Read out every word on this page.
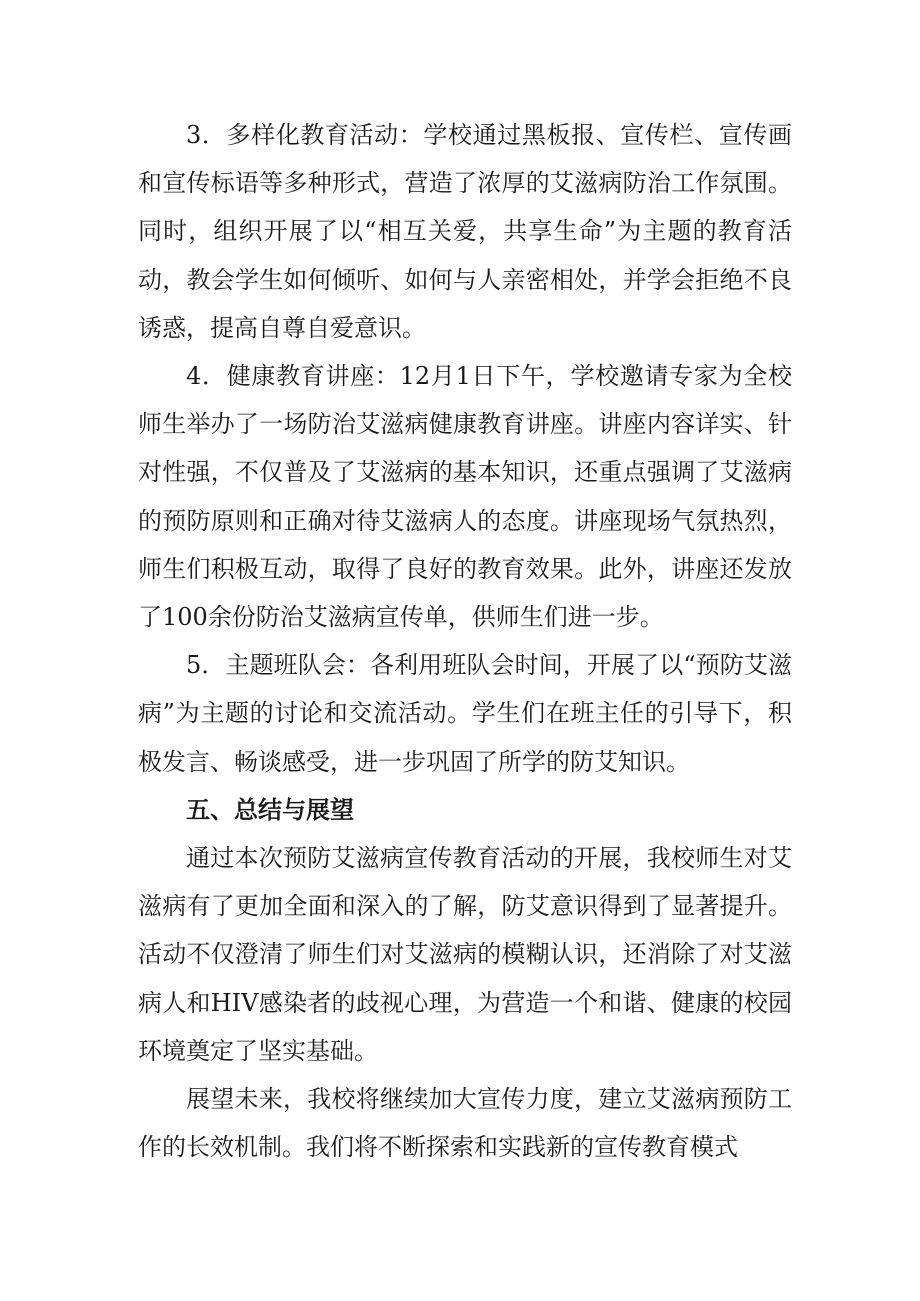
3．多样化教育活动：学校通过黑板报、宣传栏、宣传画和宣传标语等多种形式，营造了浓厚的艾滋病防治工作氛围。同时，组织开展了以“相互关爱，共享生命”为主题的教育活动，教会学生如何倾听、如何与人亲密相处，并学会拒绝不良诱惑，提高自尊自爱意识。

4．健康教育讲座：12月1日下午，学校邀请专家为全校师生举办了一场防治艾滋病健康教育讲座。讲座内容详实、针对性强，不仅普及了艾滋病的基本知识，还重点强调了艾滋病的预防原则和正确对待艾滋病人的态度。讲座现场气氛热烈，师生们积极互动，取得了良好的教育效果。此外，讲座还发放了100余份防治艾滋病宣传单，供师生们进一步。

5．主题班队会：各利用班队会时间，开展了以“预防艾滋病”为主题的讨论和交流活动。学生们在班主任的引导下，积极发言、畅谈感受，进一步巩固了所学的防艾知识。

五、总结与展望

通过本次预防艾滋病宣传教育活动的开展，我校师生对艾滋病有了更加全面和深入的了解，防艾意识得到了显著提升。活动不仅澄清了师生们对艾滋病的模糊认识，还消除了对艾滋病人和HIV感染者的歧视心理，为营造一个和谐、健康的校园环境奠定了坚实基础。

展望未来，我校将继续加大宣传力度，建立艾滋病预防工作的长效机制。我们将不断探索和实践新的宣传教育模式
